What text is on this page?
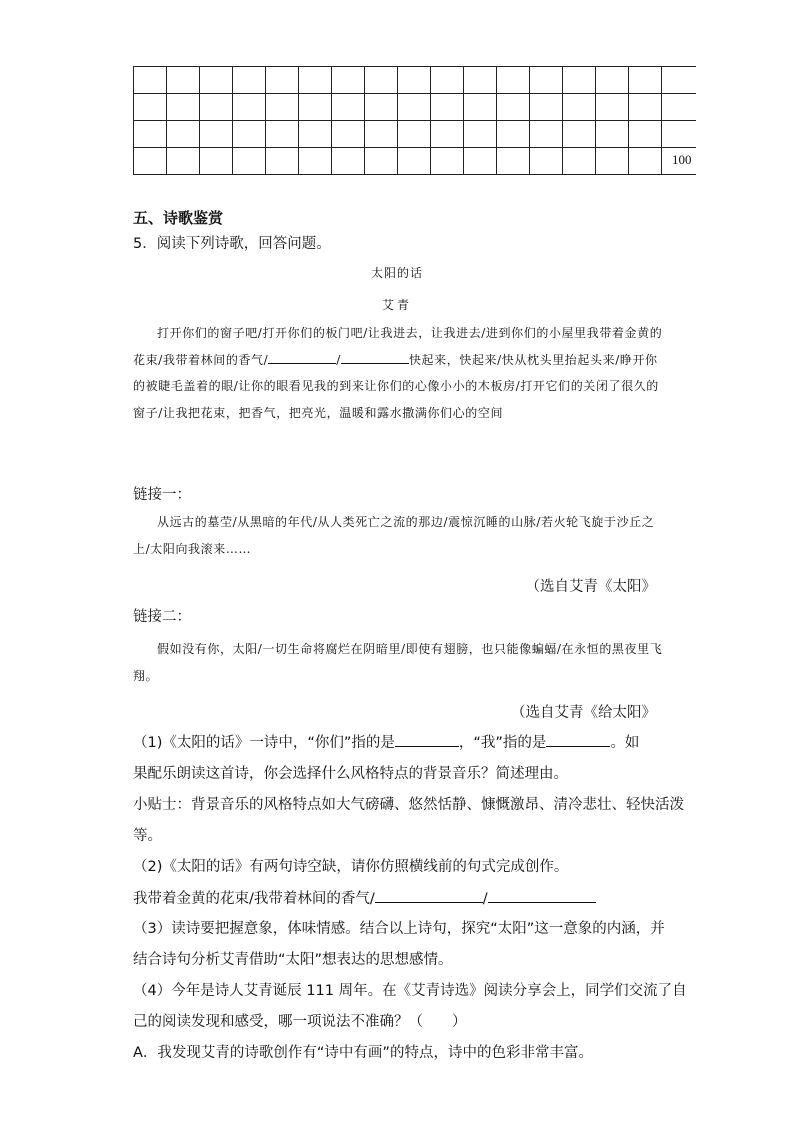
100
五、诗歌鉴赏
5．阅读下列诗歌，回答问题。
太阳的话
艾青

打开你们的窗子吧/打开你们的板门吧/让我进去，让我进去/进到你们的小屋里我带着金黄的花束/我带着林间的香气/	/	快起来，快起来/快从枕头里抬起头来/睁开你的被睫毛盖着的眼/让你的眼看见我的到来让你们的心像小小的木板房/打开它们的关闭了很久的窗子/让我把花束，把香气，把亮光，温暖和露水撒满你们心的空间

链接一：

从远古的墓茔/从黑暗的年代/从人类死亡之流的那边/震惊沉睡的山脉/若火轮飞旋于沙丘之上/太阳向我滚来……

（选自艾青《太阳》
链接二：

假如没有你，太阳/一切生命将腐烂在阴暗里/即使有翅膀，也只能像蝙蝠/在永恒的黑夜里飞翔。

（选自艾青《给太阳》
（1)《太阳的话》一诗中，“你们”指的是	，“我”指的是	。如
果配乐朗读这首诗，你会选择什么风格特点的背景音乐？简述理由。
小贴士：背景音乐的风格特点如大气磅礴、悠然恬静、慷慨激昂、清冷悲壮、轻快活泼
等。
（2)《太阳的话》有两句诗空缺，请你仿照横线前的句式完成创作。
我带着金黄的花束/我带着林间的香气/	/
（3）读诗要把握意象，体味情感。结合以上诗句，探究“太阳”这一意象的内涵，并
结合诗句分析艾青借助“太阳”想表达的思想感情。
（4）今年是诗人艾青诞辰 111 周年。在《艾青诗选》阅读分享会上，同学们交流了自
己的阅读发现和感受，哪一项说法不准确？（　　）
A．我发现艾青的诗歌创作有“诗中有画”的特点，诗中的色彩非常丰富。
